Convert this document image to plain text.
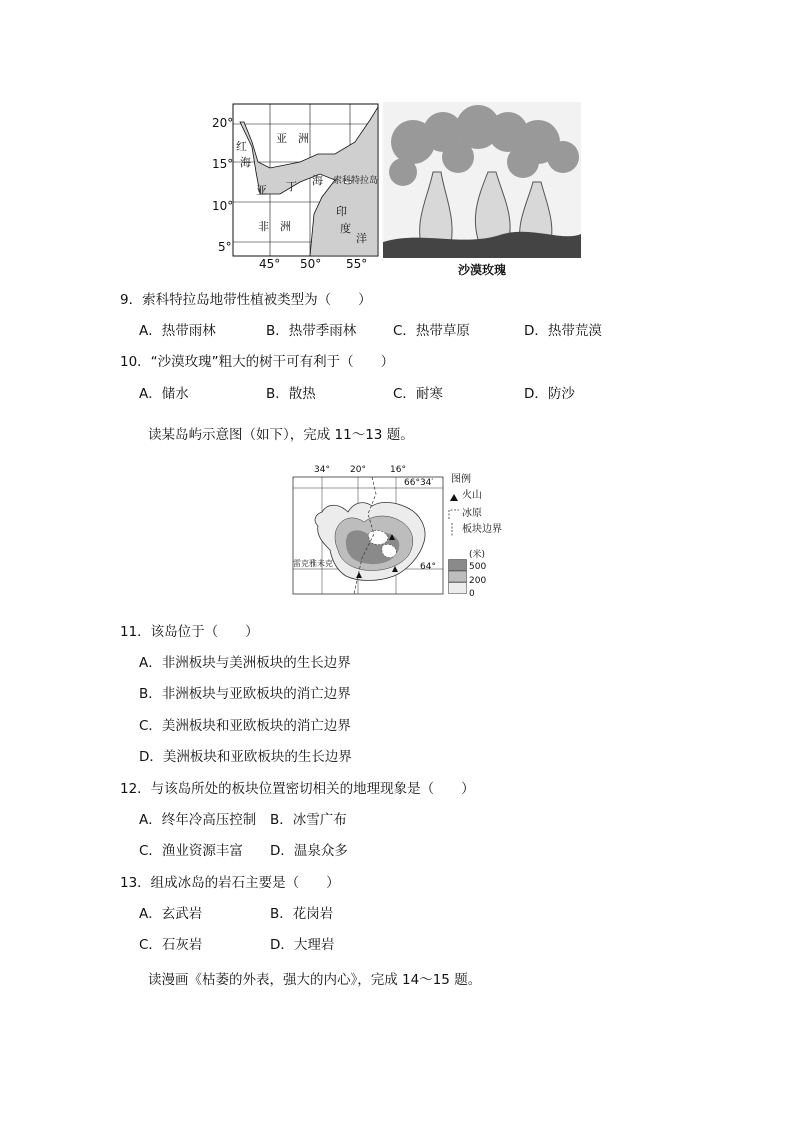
20°
15°
10°
5°
45° 50° 55°
亚　洲
红
海
亚 丁 海 索科特拉岛
非　洲
印
度
洋
沙漠玫瑰
9．索科特拉岛地带性植被类型为（　　）
A．热带雨林	B．热带季雨林	C．热带草原	D．热带荒漠
10．“沙漠玫瑰”粗大的树干可有利于（　　）
A．储水	B．散热	C．耐寒	D．防沙
读某岛屿示意图（如下），完成 11～13 题。
34° 20°	16°
66°34′
64°
雷克雅未克
图例
火山
冰原
板块边界
(米)
500
200
0
11．该岛位于（　　）
A．非洲板块与美洲板块的生长边界
B．非洲板块与亚欧板块的消亡边界
C．美洲板块和亚欧板块的消亡边界
D．美洲板块和亚欧板块的生长边界
12．与该岛所处的板块位置密切相关的地理现象是（　　）
A．终年冷高压控制 B．冰雪广布
C．渔业资源丰富 D．温泉众多
13．组成冰岛的岩石主要是（　　）
A．玄武岩	B．花岗岩
C．石灰岩	D．大理岩
读漫画《枯萎的外表，强大的内心》，完成 14～15 题。
